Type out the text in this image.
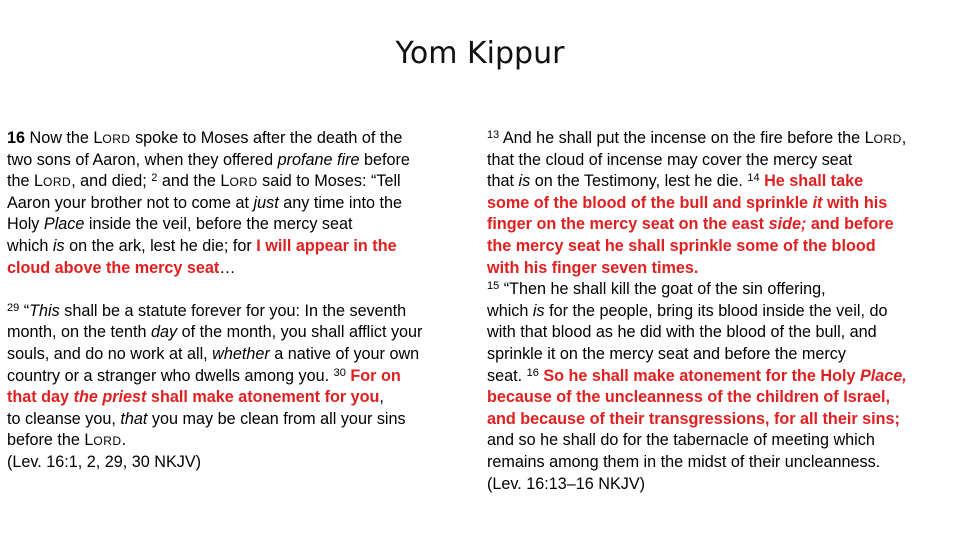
Yom Kippur
16 Now the LORD spoke to Moses after the death of the
two sons of Aaron, when they offered profane fire before
the LORD, and died; $^2$ and the LORD said to Moses: “Tell
Aaron your brother not to come at just any time into the
Holy Place inside the veil, before the mercy seat
which is on the ark, lest he die; for I will appear in the
cloud above the mercy seat…
$^{29}$ “This shall be a statute forever for you: In the seventh
month, on the tenth day of the month, you shall afflict your
souls, and do no work at all, whether a native of your own
country or a stranger who dwells among you. $^{30}$ For on
that day the priest shall make atonement for you,
to cleanse you, that you may be clean from all your sins
before the LORD.
(Lev. 16:1, 2, 29, 30 NKJV)
$^{13}$ And he shall put the incense on the fire before the LORD,
that the cloud of incense may cover the mercy seat
that is on the Testimony, lest he die. $^{14}$ He shall take
some of the blood of the bull and sprinkle it with his
finger on the mercy seat on the east side; and before
the mercy seat he shall sprinkle some of the blood
with his finger seven times.
$^{15}$ “Then he shall kill the goat of the sin offering,
which is for the people, bring its blood inside the veil, do
with that blood as he did with the blood of the bull, and
sprinkle it on the mercy seat and before the mercy
seat. $^{16}$ So he shall make atonement for the Holy Place,
because of the uncleanness of the children of Israel,
and because of their transgressions, for all their sins;
and so he shall do for the tabernacle of meeting which
remains among them in the midst of their uncleanness.
(Lev. 16:13–16 NKJV)
